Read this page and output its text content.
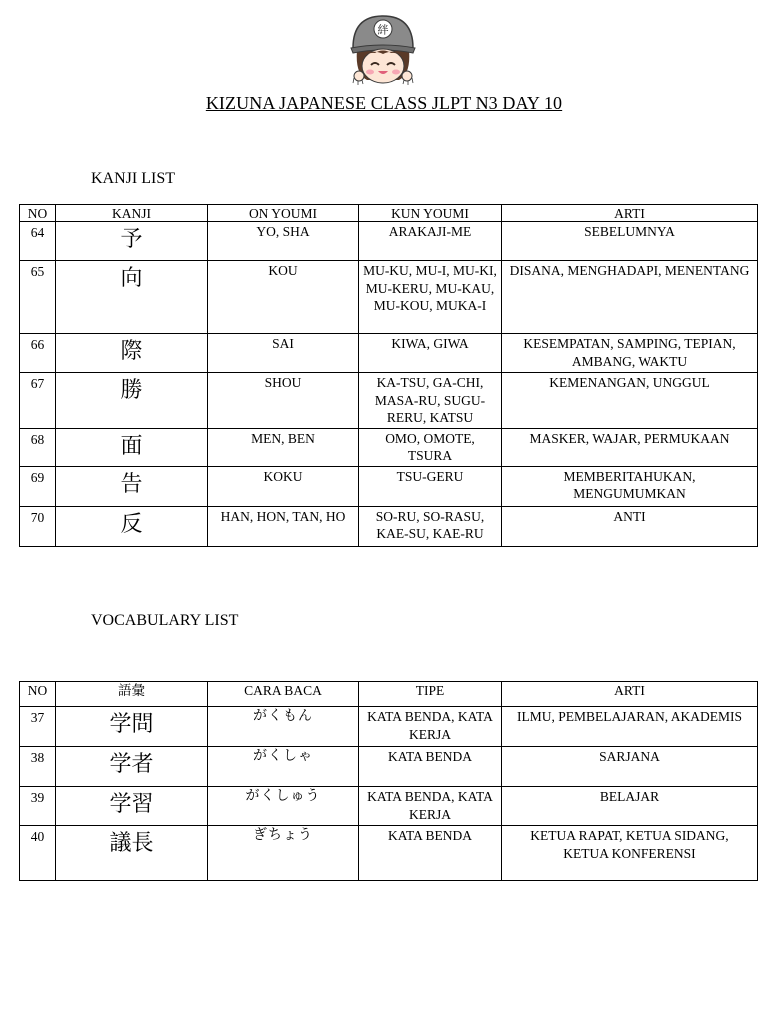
絆
KIZUNA JAPANESE CLASS JLPT N3 DAY 10
KANJI LIST
NO	KANJI	ON YOUMI	KUN YOUMI	ARTI
64	予	YO, SHA	ARAKAJI-ME	SEBELUMNYA
65	向	KOU	MU-KU, MU-I, MU-KI, MU-KERU, MU-KAU, MU-KOU, MUKA-I	DISANA, MENGHADAPI, MENENTANG
66	際	SAI	KIWA, GIWA	KESEMPATAN, SAMPING, TEPIAN, AMBANG, WAKTU
67	勝	SHOU	KA-TSU, GA-CHI, MASA-RU, SUGU-RERU, KATSU	KEMENANGAN, UNGGUL
68	面	MEN, BEN	OMO, OMOTE, TSURA	MASKER, WAJAR, PERMUKAAN
69	告	KOKU	TSU-GERU	MEMBERITAHUKAN, MENGUMUMKAN
70	反	HAN, HON, TAN, HO	SO-RU, SO-RASU, KAE-SU, KAE-RU	ANTI
VOCABULARY LIST
NO	語彙	CARA BACA	TIPE	ARTI
37	学問	がくもん	KATA BENDA, KATA KERJA	ILMU, PEMBELAJARAN, AKADEMIS
38	学者	がくしゃ	KATA BENDA	SARJANA
39	学習	がくしゅう	KATA BENDA, KATA KERJA	BELAJAR
40	議長	ぎちょう	KATA BENDA	KETUA RAPAT, KETUA SIDANG, KETUA KONFERENSI
